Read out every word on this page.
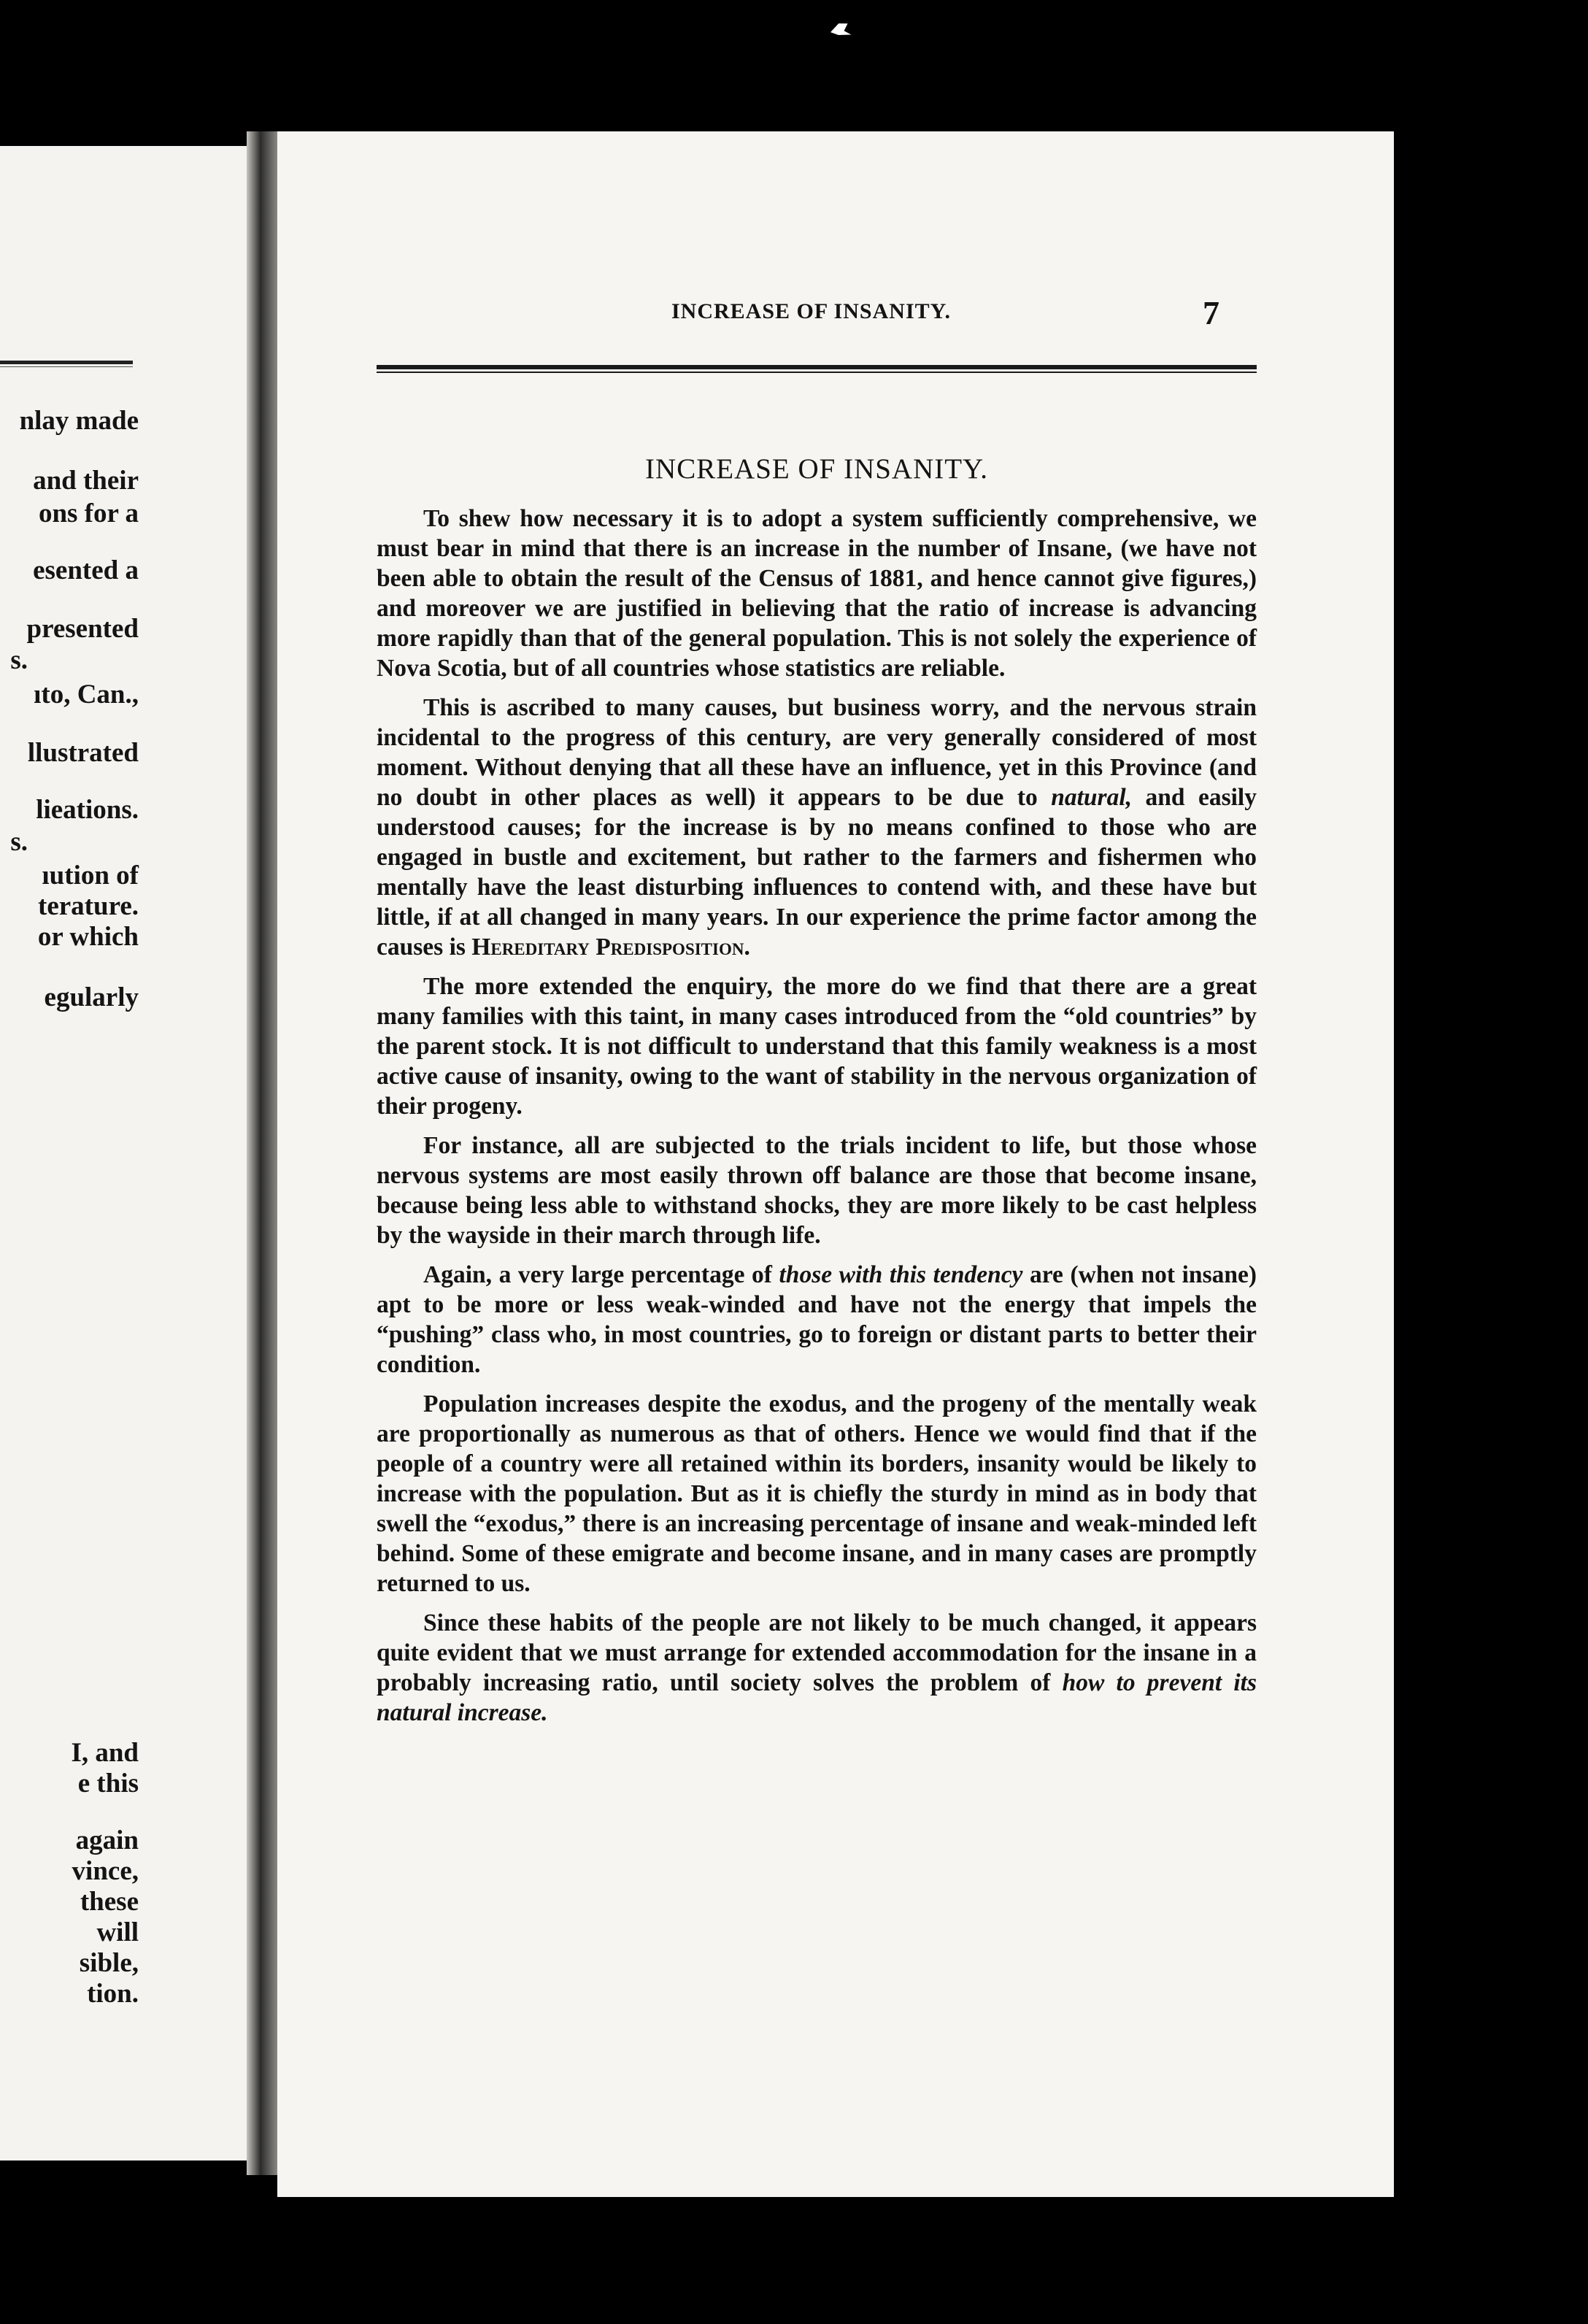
nlay made
and their
ons for a
esented a
presented
s.
ıto, Can.,
llustrated
lieations.
s.
ıution of
terature.
or which
egularly
I, and
e this
again
vince,
these
will
sible,
tion.
INCREASE OF INSANITY.	7
INCREASE OF INSANITY.

To shew how necessary it is to adopt a system sufficiently comprehensive, we must bear in mind that there is an increase in the number of Insane, (we have not been able to obtain the result of the Census of 1881, and hence cannot give figures,) and moreover we are justified in believing that the ratio of increase is advancing more rapidly than that of the general population. This is not solely the experience of Nova Scotia, but of all countries whose statistics are reliable.

This is ascribed to many causes, but business worry, and the nervous strain incidental to the progress of this century, are very generally considered of most moment. Without denying that all these have an influence, yet in this Province (and no doubt in other places as well) it appears to be due to natural, and easily understood causes; for the increase is by no means confined to those who are engaged in bustle and excitement, but rather to the farmers and fishermen who mentally have the least disturbing influences to contend with, and these have but little, if at all changed in many years. In our experience the prime factor among the causes is Hereditary Predisposition.

The more extended the enquiry, the more do we find that there are a great many families with this taint, in many cases introduced from the “old countries” by the parent stock. It is not difficult to understand that this family weakness is a most active cause of insanity, owing to the want of stability in the nervous organization of their progeny.

For instance, all are subjected to the trials incident to life, but those whose nervous systems are most easily thrown off balance are those that become insane, because being less able to withstand shocks, they are more likely to be cast helpless by the wayside in their march through life.

Again, a very large percentage of those with this tendency are (when not insane) apt to be more or less weak-winded and have not the energy that impels the “pushing” class who, in most countries, go to foreign or distant parts to better their condition.

Population increases despite the exodus, and the progeny of the mentally weak are proportionally as numerous as that of others. Hence we would find that if the people of a country were all retained within its borders, insanity would be likely to increase with the population. But as it is chiefly the sturdy in mind as in body that swell the “exodus,” there is an increasing percentage of insane and weak-minded left behind. Some of these emigrate and become insane, and in many cases are promptly returned to us.

Since these habits of the people are not likely to be much changed, it appears quite evident that we must arrange for extended accommodation for the insane in a probably increasing ratio, until society solves the problem of how to prevent its natural increase.
